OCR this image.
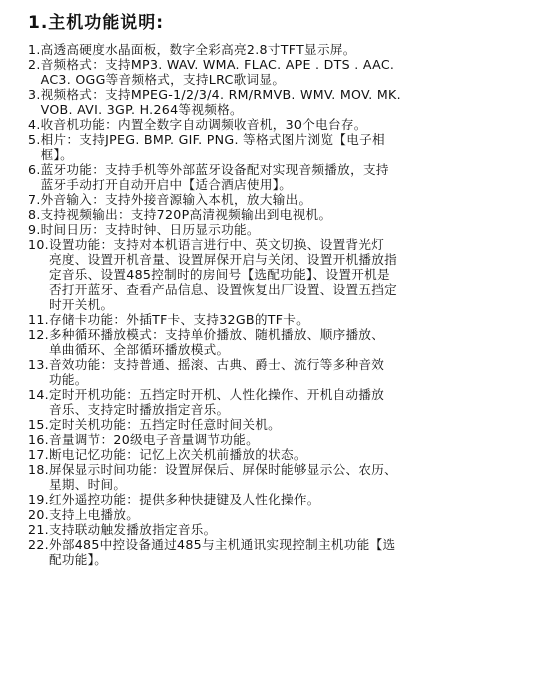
1.主机功能说明:
1. 高透高硬度水晶面板，数字全彩高亮2.8寸TFT显示屏。
2. 音频格式：支持MP3. WAV. WMA. FLAC. APE . DTS . AAC.
AC3. OGG等音频格式，支持LRC歌词显。
3. 视频格式：支持MPEG-1/2/3/4. RM/RMVB. WMV. MOV. MK.
VOB. AVI. 3GP. H.264等视频格。
4. 收音机功能：内置全数字自动调频收音机，30个电台存。
5. 相片：支持JPEG. BMP. GIF. PNG. 等格式图片浏览【电子相
框】。
6. 蓝牙功能：支持手机等外部蓝牙设备配对实现音频播放，支持
蓝牙手动打开自动开启中【适合酒店使用】。
7. 外音输入：支持外接音源输入本机，放大输出。
8. 支持视频输出：支持720P高清视频输出到电视机。
9. 时间日历：支持时钟、日历显示功能。
10. 设置功能：支持对本机语言进行中、英文切换、设置背光灯
亮度、设置开机音量、设置屏保开启与关闭、设置开机播放指
定音乐、设置485控制时的房间号【选配功能】、设置开机是
否打开蓝牙、查看产品信息、设置恢复出厂设置、设置五挡定
时开关机。
11. 存储卡功能：外插TF卡、支持32GB的TF卡。
12. 多种循环播放模式：支持单价播放、随机播放、顺序播放、
单曲循环、全部循环播放模式。
13. 音效功能：支持普通、摇滚、古典、爵士、流行等多种音效
功能。
14. 定时开机功能：五挡定时开机、人性化操作、开机自动播放
音乐、支持定时播放指定音乐。
15. 定时关机功能：五挡定时任意时间关机。
16. 音量调节：20级电子音量调节功能。
17. 断电记忆功能：记忆上次关机前播放的状态。
18. 屏保显示时间功能：设置屏保后、屏保时能够显示公、农历、
星期、时间。
19. 红外遥控功能：提供多种快捷键及人性化操作。
20. 支持上电播放。
21. 支持联动触发播放指定音乐。
22. 外部485中控设备通过485与主机通讯实现控制主机功能【选
配功能】。
